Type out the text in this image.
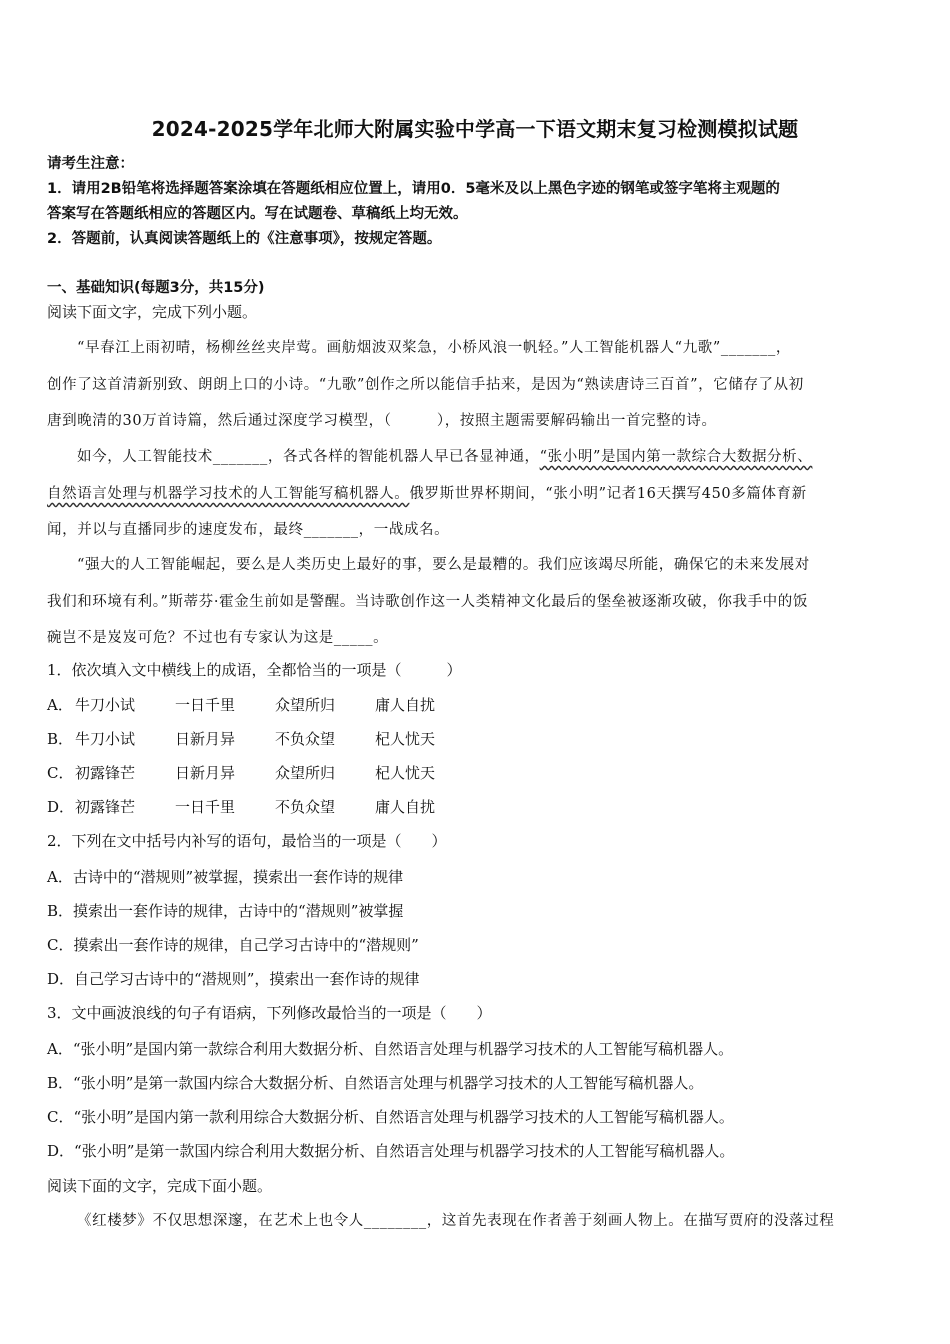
2024-2025学年北师大附属实验中学高一下语文期末复习检测模拟试题
请考生注意：
1．请用2B铅笔将选择题答案涂填在答题纸相应位置上，请用0．5毫米及以上黑色字迹的钢笔或签字笔将主观题的
答案写在答题纸相应的答题区内。写在试题卷、草稿纸上均无效。
2．答题前，认真阅读答题纸上的《注意事项》，按规定答题。
一、基础知识(每题3分，共15分)
阅读下面文字，完成下列小题。
“早春江上雨初晴，杨柳丝丝夹岸莺。画舫烟波双桨急，小桥风浪一帆轻。”人工智能机器人“九歌”_______，
创作了这首清新别致、朗朗上口的小诗。“九歌”创作之所以能信手拈来，是因为“熟读唐诗三百首”，它储存了从初
唐到晚清的30万首诗篇，然后通过深度学习模型，（　　　），按照主题需要解码输出一首完整的诗。
如今，人工智能技术_______，各式各样的智能机器人早已各显神通，“张小明”是国内第一款综合大数据分析、
自然语言处理与机器学习技术的人工智能写稿机器人。俄罗斯世界杯期间，“张小明”记者16天撰写450多篇体育新
闻，并以与直播同步的速度发布，最终_______，一战成名。
“强大的人工智能崛起，要么是人类历史上最好的事，要么是最糟的。我们应该竭尽所能，确保它的未来发展对
我们和环境有利。”斯蒂芬·霍金生前如是警醒。当诗歌创作这一人类精神文化最后的堡垒被逐渐攻破，你我手中的饭
碗岂不是岌岌可危？不过也有专家认为这是_____。
1．依次填入文中横线上的成语，全都恰当的一项是（　　　）
A． 牛刀小试	一日千里	众望所归	庸人自扰
B． 牛刀小试	日新月异	不负众望	杞人忧天
C． 初露锋芒	日新月异	众望所归	杞人忧天
D．初露锋芒	一日千里	不负众望	庸人自扰
2．下列在文中括号内补写的语句，最恰当的一项是（　　）
A．古诗中的“潜规则”被掌握，摸索出一套作诗的规律
B．摸索出一套作诗的规律，古诗中的“潜规则”被掌握
C．摸索出一套作诗的规律，自己学习古诗中的“潜规则”
D．自己学习古诗中的“潜规则”，摸索出一套作诗的规律
3．文中画波浪线的句子有语病，下列修改最恰当的一项是（　　）
A．“张小明”是国内第一款综合利用大数据分析、自然语言处理与机器学习技术的人工智能写稿机器人。
B．“张小明”是第一款国内综合大数据分析、自然语言处理与机器学习技术的人工智能写稿机器人。
C．“张小明”是国内第一款利用综合大数据分析、自然语言处理与机器学习技术的人工智能写稿机器人。
D．“张小明”是第一款国内综合利用大数据分析、自然语言处理与机器学习技术的人工智能写稿机器人。
阅读下面的文字，完成下面小题。
《红楼梦》不仅思想深邃，在艺术上也令人________，这首先表现在作者善于刻画人物上。在描写贾府的没落过程
